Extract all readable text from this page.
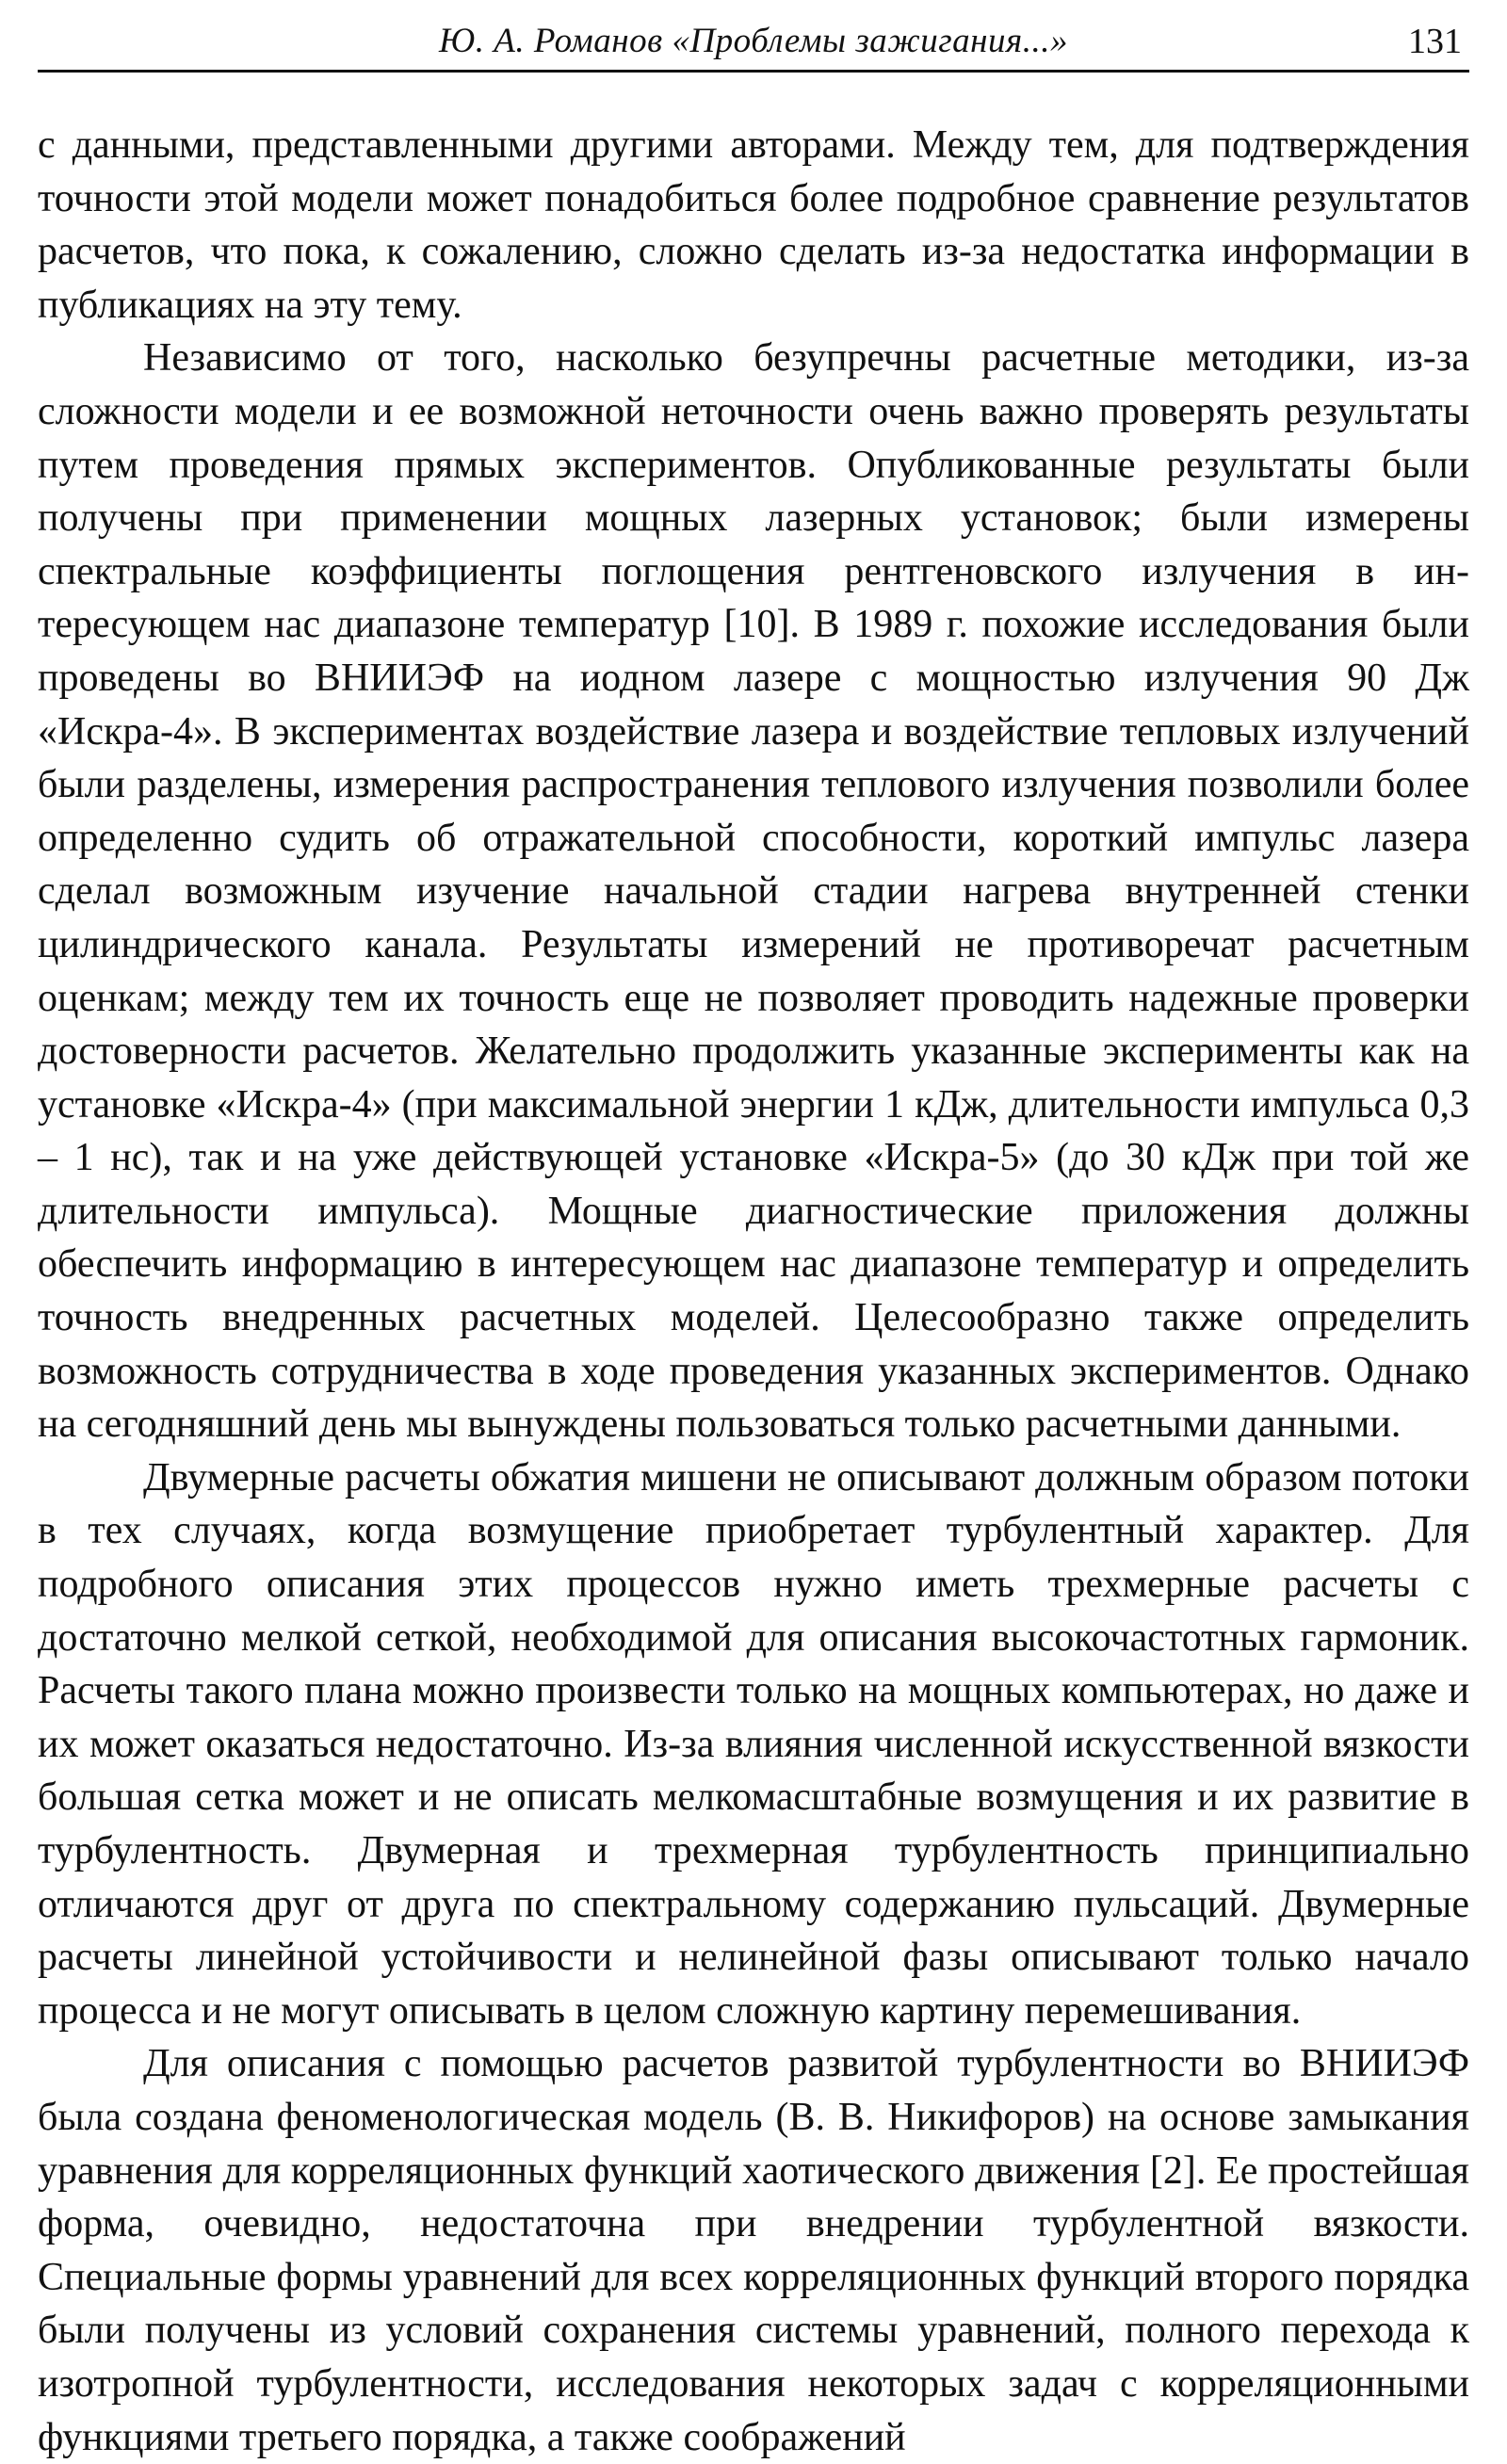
Ю. А. Романов «Проблемы зажигания...»	131

с данными, представленными другими авторами. Между тем, для подтверждения точности этой модели может понадобиться более подробное сравнение результатов расчетов, что пока, к сожалению, сложно сделать из-за недостатка информации в публикациях на эту тему.

Независимо от того, насколько безупречны расчетные методики, из-за сложности модели и ее возможной неточности очень важно проверять результаты путем проведения прямых экспериментов. Опубликованные результаты были получены при применении мощных лазерных установок; были измерены спектральные коэффициенты поглощения рентгеновского излучения в интересующем нас диапазоне температур [10]. В 1989 г. похожие исследования были проведены во ВНИИЭФ на иодном лазере с мощностью излучения 90 Дж «Искра-4». В экспериментах воздействие лазера и воздействие тепловых излучений были разделены, измерения распространения теплового излучения позволили более определенно судить об отражательной способности, короткий импульс лазера сделал возможным изучение начальной стадии нагрева внутренней стенки цилиндрического канала. Результаты измерений не противоречат расчетным оценкам; между тем их точность еще не позволяет проводить надежные проверки достоверности расчетов. Желательно продолжить указанные эксперименты как на установке «Искра-4» (при максимальной энергии 1 кДж, длительности импульса 0,3 – 1 нс), так и на уже действующей установке «Искра-5» (до 30 кДж при той же длительности импульса). Мощные диагностические приложения должны обеспечить информацию в интересующем нас диапазоне температур и определить точность внедренных расчетных моделей. Целесообразно также определить возможность сотрудничества в ходе проведения указанных экспериментов. Однако на сегодняшний день мы вынуждены пользоваться только расчетными данными.

Двумерные расчеты обжатия мишени не описывают должным образом потоки в тех случаях, когда возмущение приобретает турбулентный характер. Для подробного описания этих процессов нужно иметь трехмерные расчеты с достаточно мелкой сеткой, необходимой для описания высокочастотных гармоник. Расчеты такого плана можно произвести только на мощных компьютерах, но даже и их может оказаться недостаточно. Из-за влияния численной искусственной вязкости большая сетка может и не описать мелкомасштабные возмущения и их развитие в турбулентность. Двумерная и трехмерная турбулентность принципиально отличаются друг от друга по спектральному содержанию пульсаций. Двумерные расчеты линейной устойчивости и нелинейной фазы описывают только начало процесса и не могут описывать в целом сложную картину перемешивания.

Для описания с помощью расчетов развитой турбулентности во ВНИИЭФ была создана феноменологическая модель (В. В. Никифоров) на основе замыкания уравнения для корреляционных функций хаотического движения [2]. Ее простейшая форма, очевидно, недостаточна при внедрении турбулентной вязкости. Специальные формы уравнений для всех корреляционных функций второго порядка были получены из условий сохранения системы уравнений, полного перехода к изотропной турбулентности, исследования некоторых задач с корреляционными функциями третьего порядка, а также соображений
